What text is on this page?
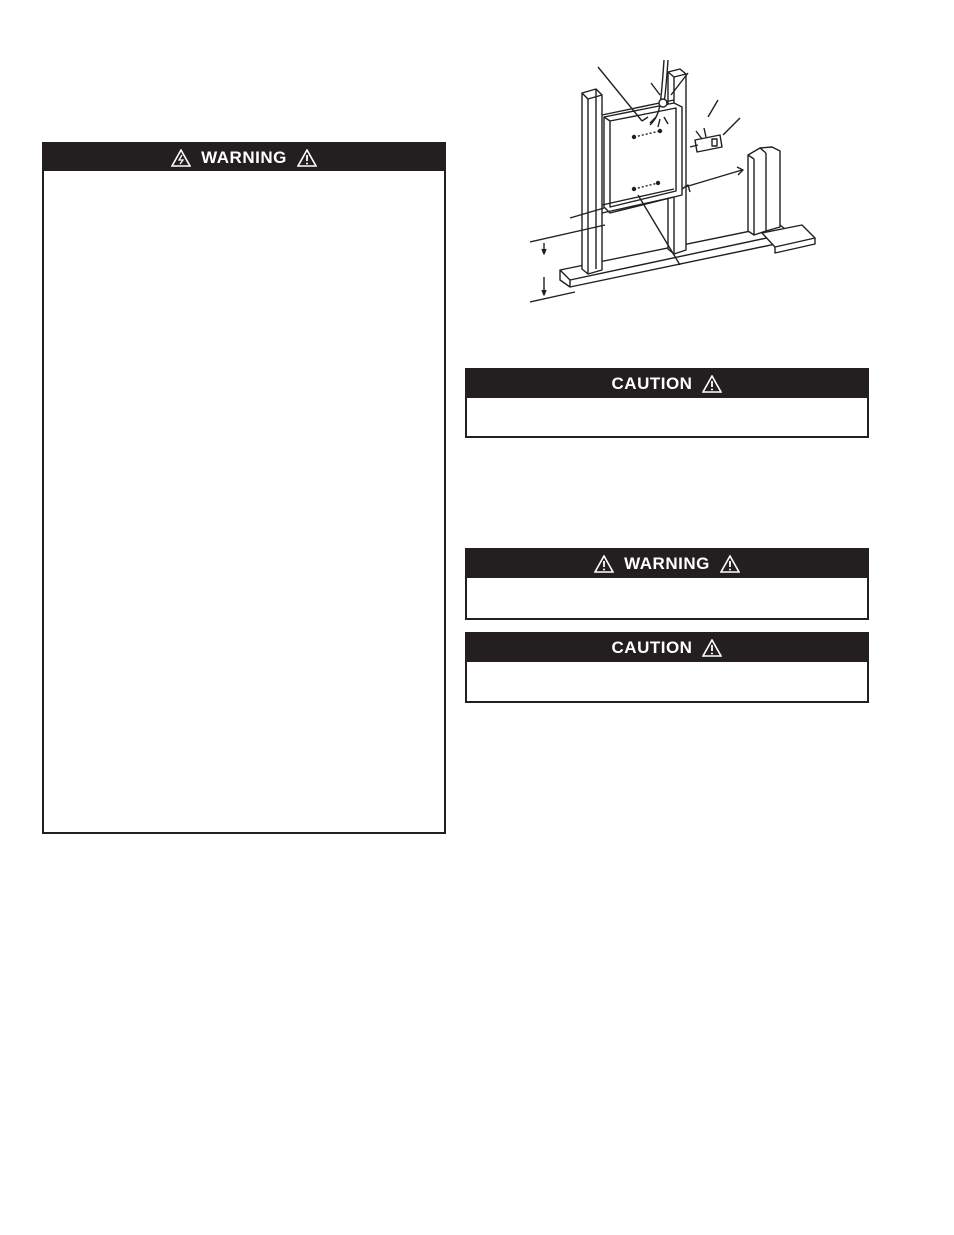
WARNING
CAUTION
WARNING
CAUTION
